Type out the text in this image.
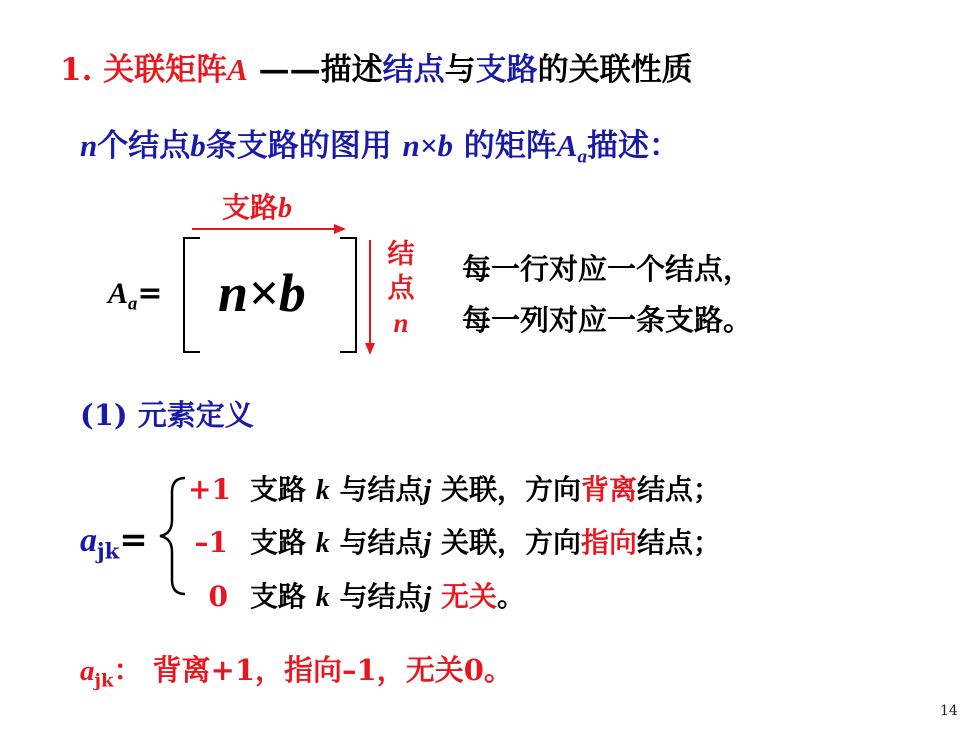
1. 关联矩阵A ——描述结点与支路的关联性质
n个结点b条支路的图用 n×b 的矩阵$A_a$描述：
支路b
$A_a= n\times b$
结
点
n
每一行对应一个结点，
每一列对应一条支路。
(1) 元素定义
$a_{jk}=$
+1 支路 k 与结点j 关联，方向背离结点；
–1 支路 k 与结点j 关联，方向指向结点；
0 支路 k 与结点j 无关。
$a_{jk}$： 背离+1，指向–1，无关0。
14
